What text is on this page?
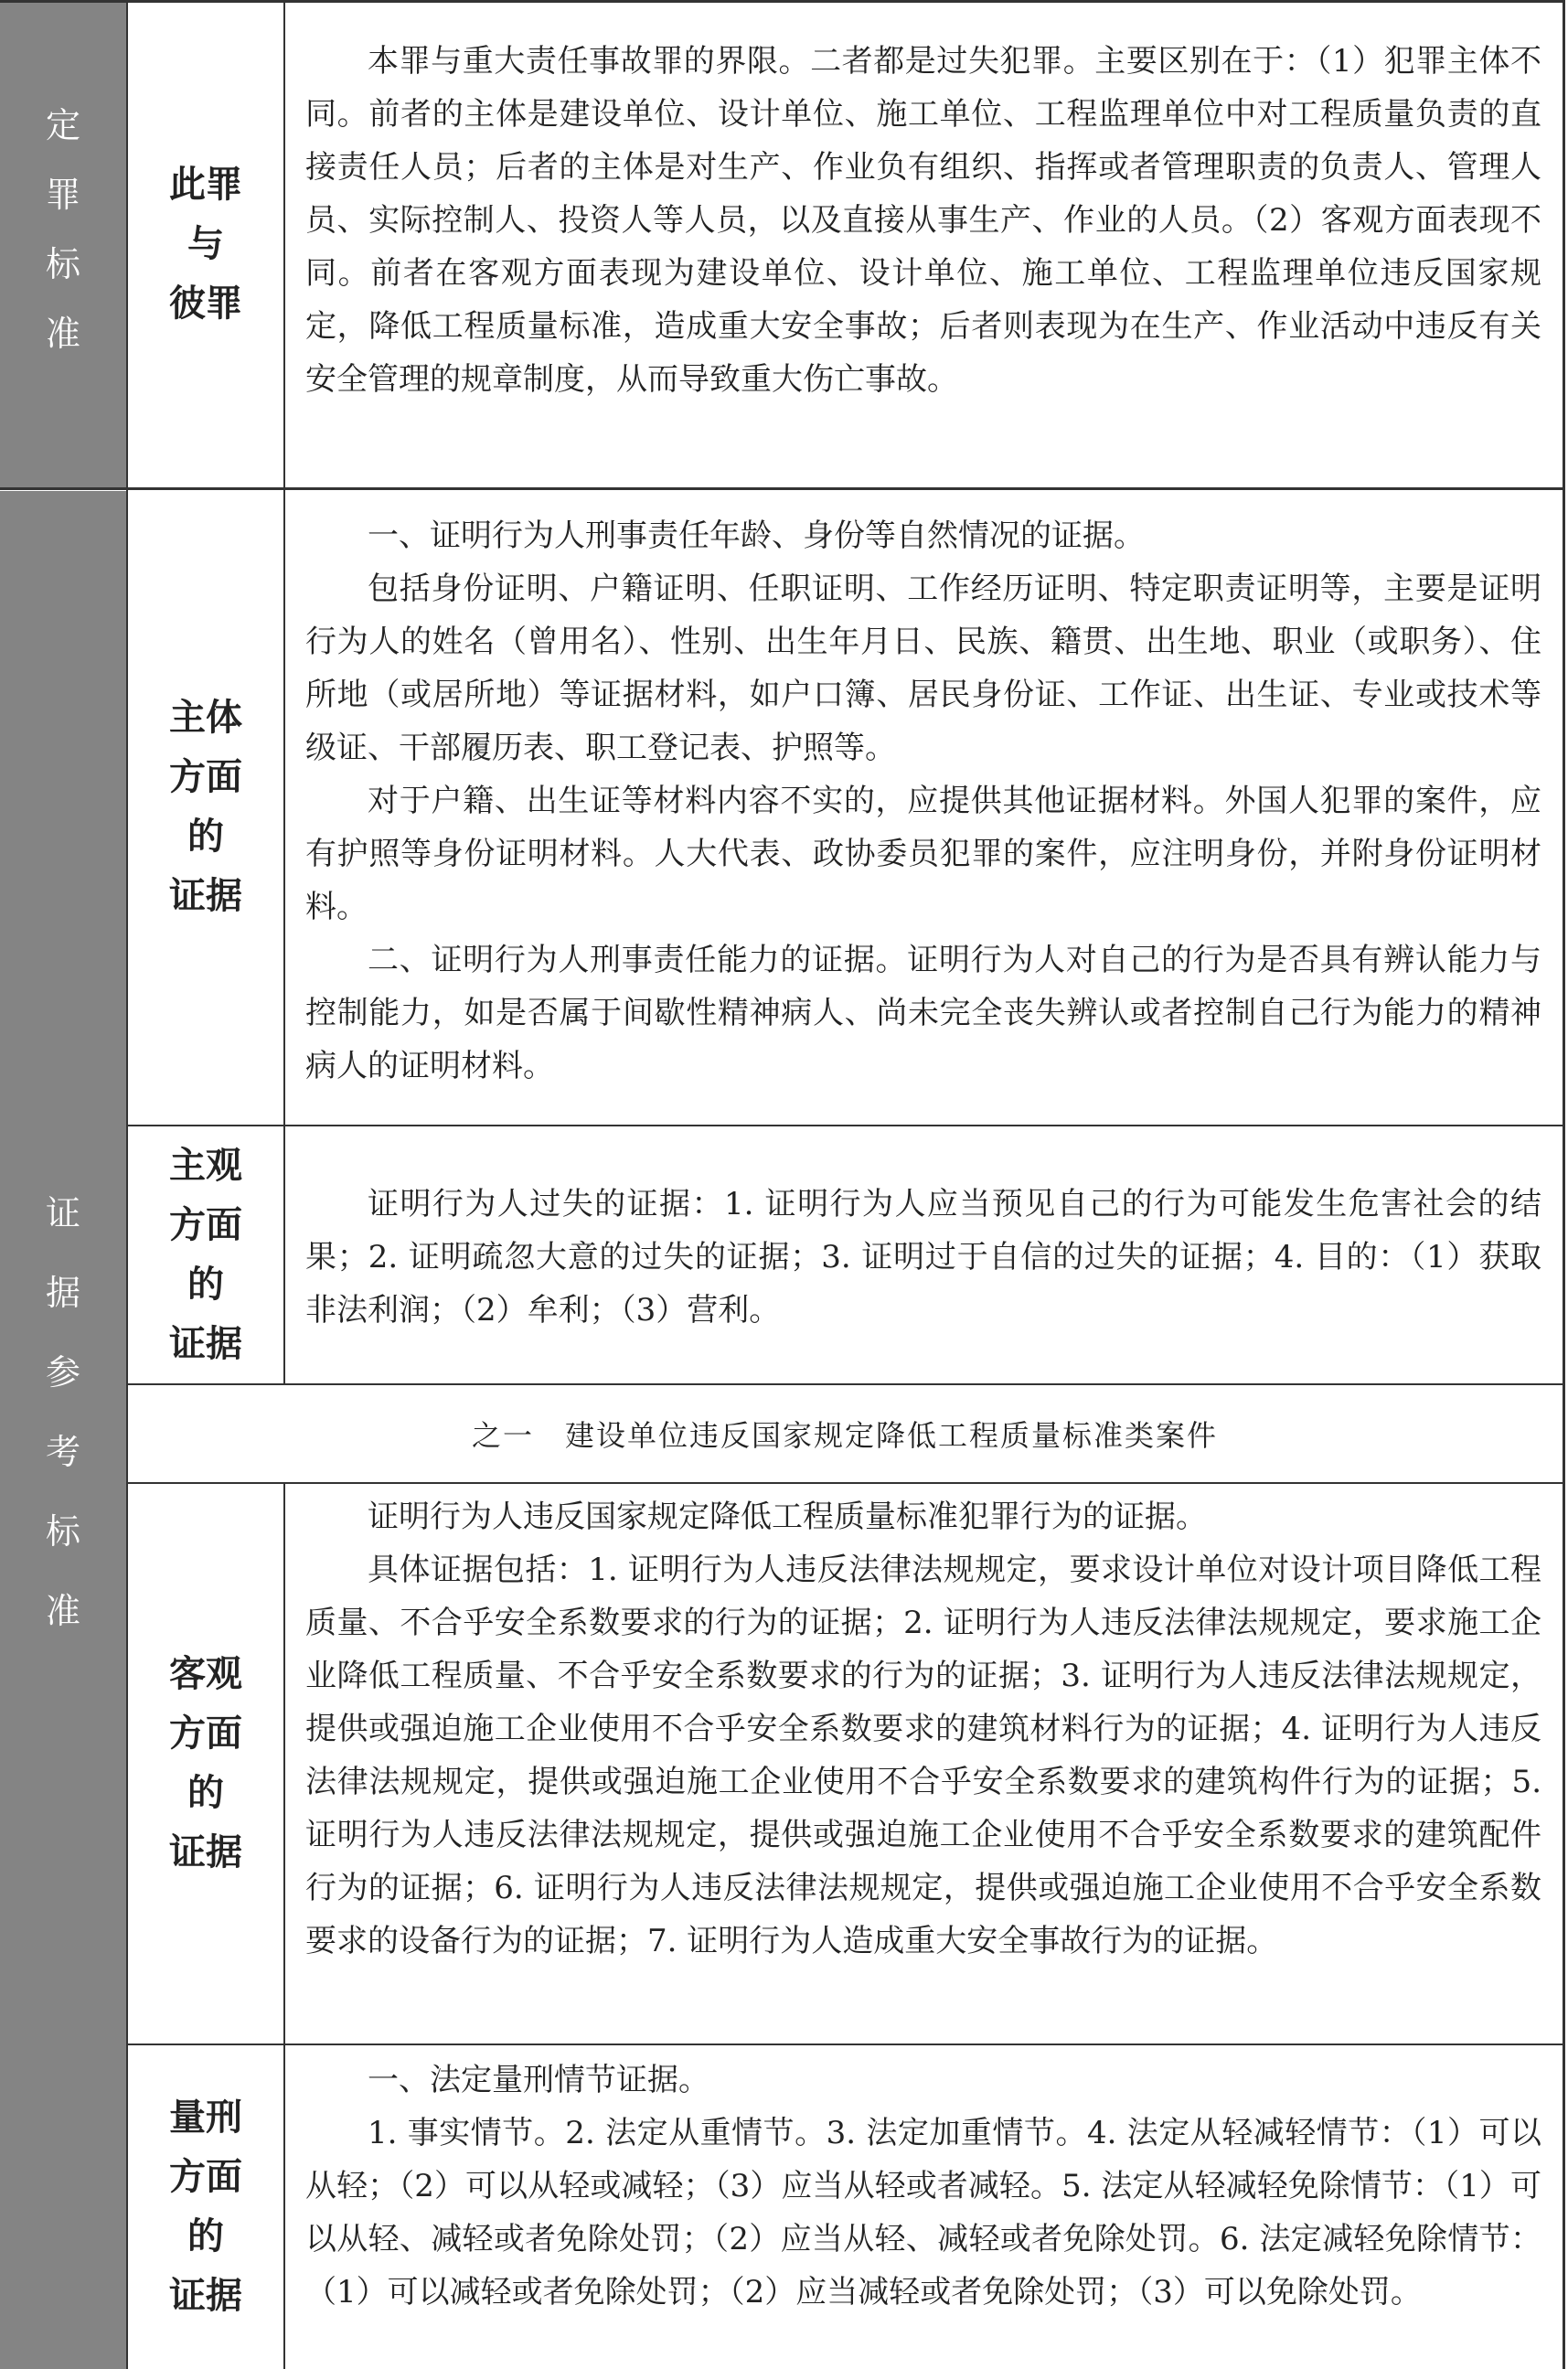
定
罪
标
准
证
据
参
考
标
准
此罪
与
彼罪

本罪与重大责任事故罪的界限。二者都是过失犯罪。主要区别在于：（1）犯罪主体不同。前者的主体是建设单位、设计单位、施工单位、工程监理单位中对工程质量负责的直接责任人员；后者的主体是对生产、作业负有组织、指挥或者管理职责的负责人、管理人员、实际控制人、投资人等人员，以及直接从事生产、作业的人员。（2）客观方面表现不同。前者在客观方面表现为建设单位、设计单位、施工单位、工程监理单位违反国家规定，降低工程质量标准，造成重大安全事故；后者则表现为在生产、作业活动中违反有关安全管理的规章制度，从而导致重大伤亡事故。

主体
方面
的
证据

一、证明行为人刑事责任年龄、身份等自然情况的证据。

包括身份证明、户籍证明、任职证明、工作经历证明、特定职责证明等，主要是证明行为人的姓名（曾用名）、性别、出生年月日、民族、籍贯、出生地、职业（或职务）、住所地（或居所地）等证据材料，如户口簿、居民身份证、工作证、出生证、专业或技术等级证、干部履历表、职工登记表、护照等。

对于户籍、出生证等材料内容不实的，应提供其他证据材料。外国人犯罪的案件，应有护照等身份证明材料。人大代表、政协委员犯罪的案件，应注明身份，并附身份证明材料。

二、证明行为人刑事责任能力的证据。证明行为人对自己的行为是否具有辨认能力与控制能力，如是否属于间歇性精神病人、尚未完全丧失辨认或者控制自己行为能力的精神病人的证明材料。

主观
方面
的
证据

证明行为人过失的证据：1. 证明行为人应当预见自己的行为可能发生危害社会的结果；2. 证明疏忽大意的过失的证据；3. 证明过于自信的过失的证据；4. 目的：（1）获取非法利润；（2）牟利；（3）营利。

之一　建设单位违反国家规定降低工程质量标准类案件
客观
方面
的
证据

证明行为人违反国家规定降低工程质量标准犯罪行为的证据。

具体证据包括：1. 证明行为人违反法律法规规定，要求设计单位对设计项目降低工程质量、不合乎安全系数要求的行为的证据；2. 证明行为人违反法律法规规定，要求施工企业降低工程质量、不合乎安全系数要求的行为的证据；3. 证明行为人违反法律法规规定，提供或强迫施工企业使用不合乎安全系数要求的建筑材料行为的证据；4. 证明行为人违反法律法规规定，提供或强迫施工企业使用不合乎安全系数要求的建筑构件行为的证据；5. 证明行为人违反法律法规规定，提供或强迫施工企业使用不合乎安全系数要求的建筑配件行为的证据；6. 证明行为人违反法律法规规定，提供或强迫施工企业使用不合乎安全系数要求的设备行为的证据；7. 证明行为人造成重大安全事故行为的证据。

量刑
方面
的
证据

一、法定量刑情节证据。

1. 事实情节。2. 法定从重情节。3. 法定加重情节。4. 法定从轻减轻情节：（1）可以从轻；（2）可以从轻或减轻；（3）应当从轻或者减轻。5. 法定从轻减轻免除情节：（1）可以从轻、减轻或者免除处罚；（2）应当从轻、减轻或者免除处罚。6. 法定减轻免除情节：（1）可以减轻或者免除处罚；（2）应当减轻或者免除处罚；（3）可以免除处罚。
